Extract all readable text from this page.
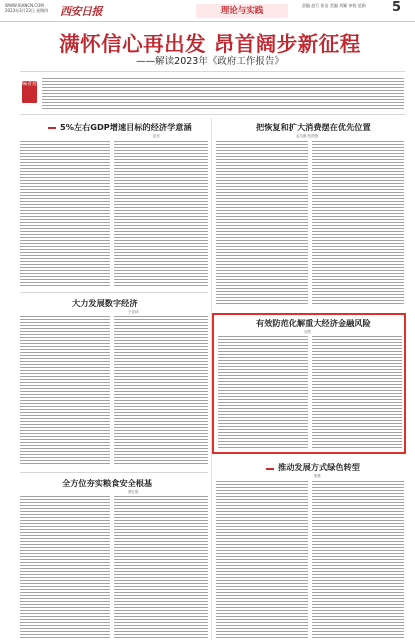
WWW.XIANCN.COM
2023年3月23日 星期四 西安日报	理论与实践
责编 赵行 张洁 美编 刘颖 审校 范娟	5
满怀信心再出发 昂首阔步新征程
——解读2023年《政府工作报告》
编者按
5%左右GDP增速目标的经济学意涵
赵岳
把恢复和扩大消费摆在优先位置
孟凡鹏 张跃强
大力发展数字经济
王佳林
有效防范化解重大经济金融风险
刘然
推动发展方式绿色转型
张胜
全方位夯实粮食安全根基
贾红艳
